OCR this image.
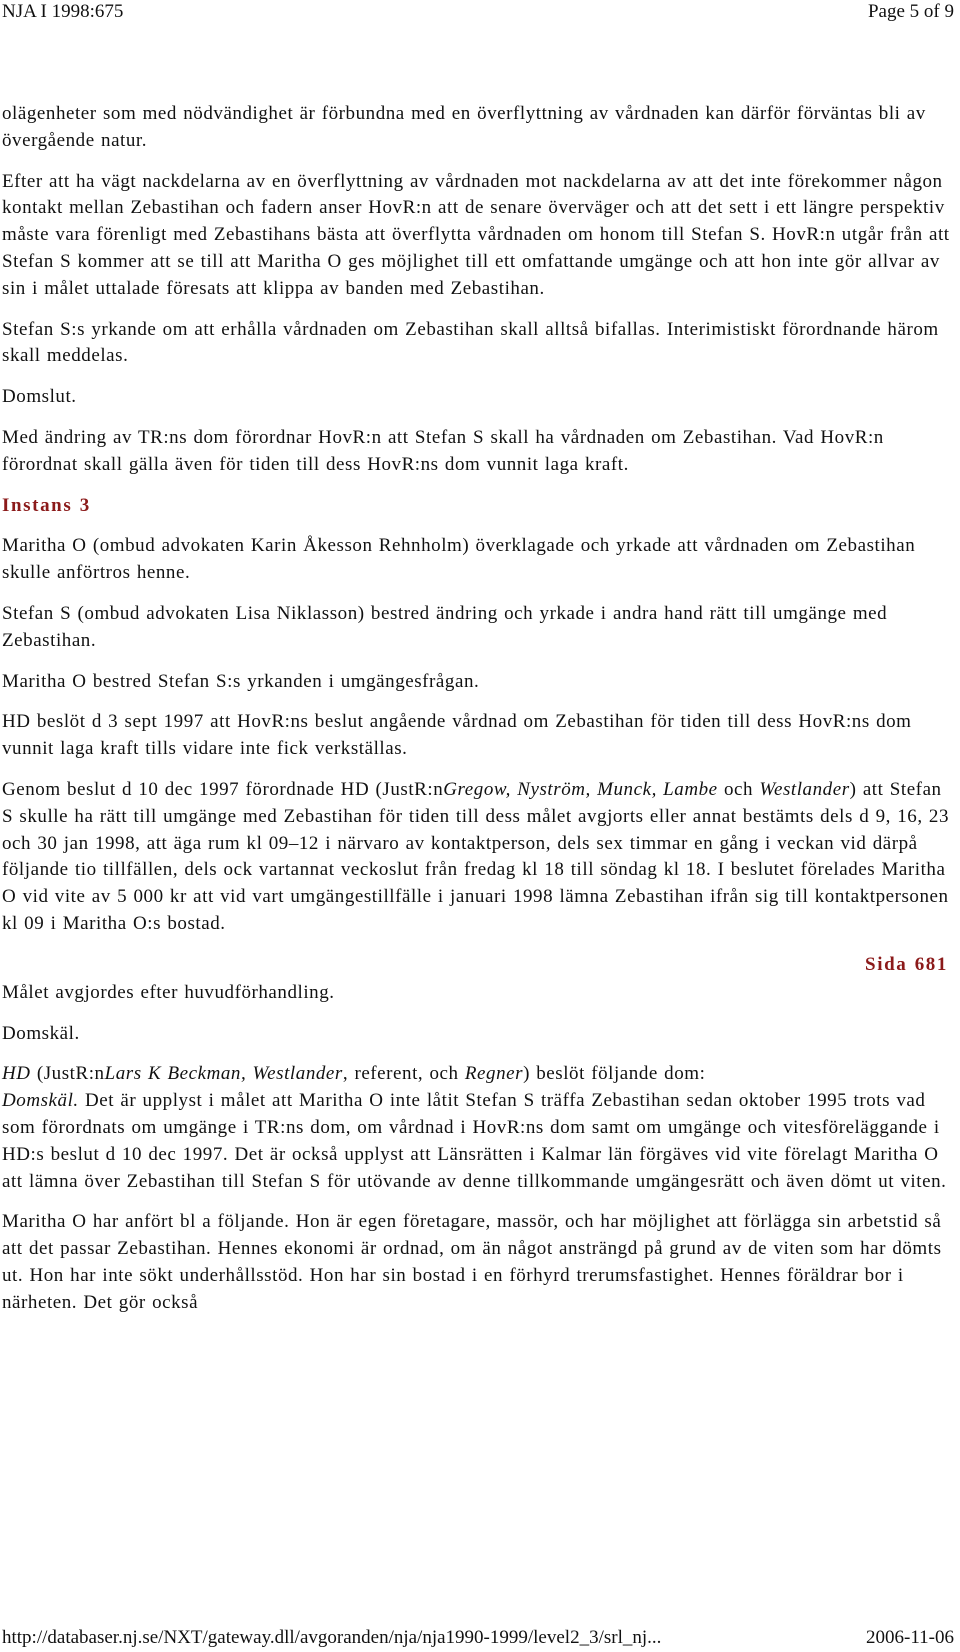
NJA I 1998:675	Page 5 of 9

olägenheter som med nödvändighet är förbundna med en överflyttning av vårdnaden kan därför förväntas bli av övergående natur.

Efter att ha vägt nackdelarna av en överflyttning av vårdnaden mot nackdelarna av att det inte förekommer någon kontakt mellan Zebastihan och fadern anser HovR:n att de senare överväger och att det sett i ett längre perspektiv måste vara förenligt med Zebastihans bästa att överflytta vårdnaden om honom till Stefan S. HovR:n utgår från att Stefan S kommer att se till att Maritha O ges möjlighet till ett omfattande umgänge och att hon inte gör allvar av sin i målet uttalade föresats att klippa av banden med Zebastihan.

Stefan S:s yrkande om att erhålla vårdnaden om Zebastihan skall alltså bifallas. Interimistiskt förordnande härom skall meddelas.

Domslut.

Med ändring av TR:ns dom förordnar HovR:n att Stefan S skall ha vårdnaden om Zebastihan. Vad HovR:n förordnat skall gälla även för tiden till dess HovR:ns dom vunnit laga kraft.

Instans 3

Maritha O (ombud advokaten Karin Åkesson Rehnholm) överklagade och yrkade att vårdnaden om Zebastihan skulle anförtros henne.

Stefan S (ombud advokaten Lisa Niklasson) bestred ändring och yrkade i andra hand rätt till umgänge med Zebastihan.

Maritha O bestred Stefan S:s yrkanden i umgängesfrågan.

HD beslöt d 3 sept 1997 att HovR:ns beslut angående vårdnad om Zebastihan för tiden till dess HovR:ns dom vunnit laga kraft tills vidare inte fick verkställas.

Genom beslut d 10 dec 1997 förordnade HD (JustR:nGregow, Nyström, Munck, Lambe och Westlander) att Stefan S skulle ha rätt till umgänge med Zebastihan för tiden till dess målet avgjorts eller annat bestämts dels d 9, 16, 23 och 30 jan 1998, att äga rum kl 09–12 i närvaro av kontaktperson, dels sex timmar en gång i veckan vid därpå följande tio tillfällen, dels ock vartannat veckoslut från fredag kl 18 till söndag kl 18. I beslutet förelades Maritha O vid vite av 5 000 kr att vid vart umgängestillfälle i januari 1998 lämna Zebastihan ifrån sig till kontaktpersonen kl 09 i Maritha O:s bostad.

Sida 681

Målet avgjordes efter huvudförhandling.

Domskäl.

HD (JustR:nLars K Beckman, Westlander, referent, och Regner) beslöt följande dom:
Domskäl. Det är upplyst i målet att Maritha O inte låtit Stefan S träffa Zebastihan sedan oktober 1995 trots vad som förordnats om umgänge i TR:ns dom, om vårdnad i HovR:ns dom samt om umgänge och vitesföreläggande i HD:s beslut d 10 dec 1997. Det är också upplyst att Länsrätten i Kalmar län förgäves vid vite förelagt Maritha O att lämna över Zebastihan till Stefan S för utövande av denne tillkommande umgängesrätt och även dömt ut viten.

Maritha O har anfört bl a följande. Hon är egen företagare, massör, och har möjlighet att förlägga sin arbetstid så att det passar Zebastihan. Hennes ekonomi är ordnad, om än något ansträngd på grund av de viten som har dömts ut. Hon har inte sökt underhållsstöd. Hon har sin bostad i en förhyrd trerumsfastighet. Hennes föräldrar bor i närheten. Det gör också

http://databaser.nj.se/NXT/gateway.dll/avgoranden/nja/nja1990-1999/level2_3/srl_nj...	2006-11-06
